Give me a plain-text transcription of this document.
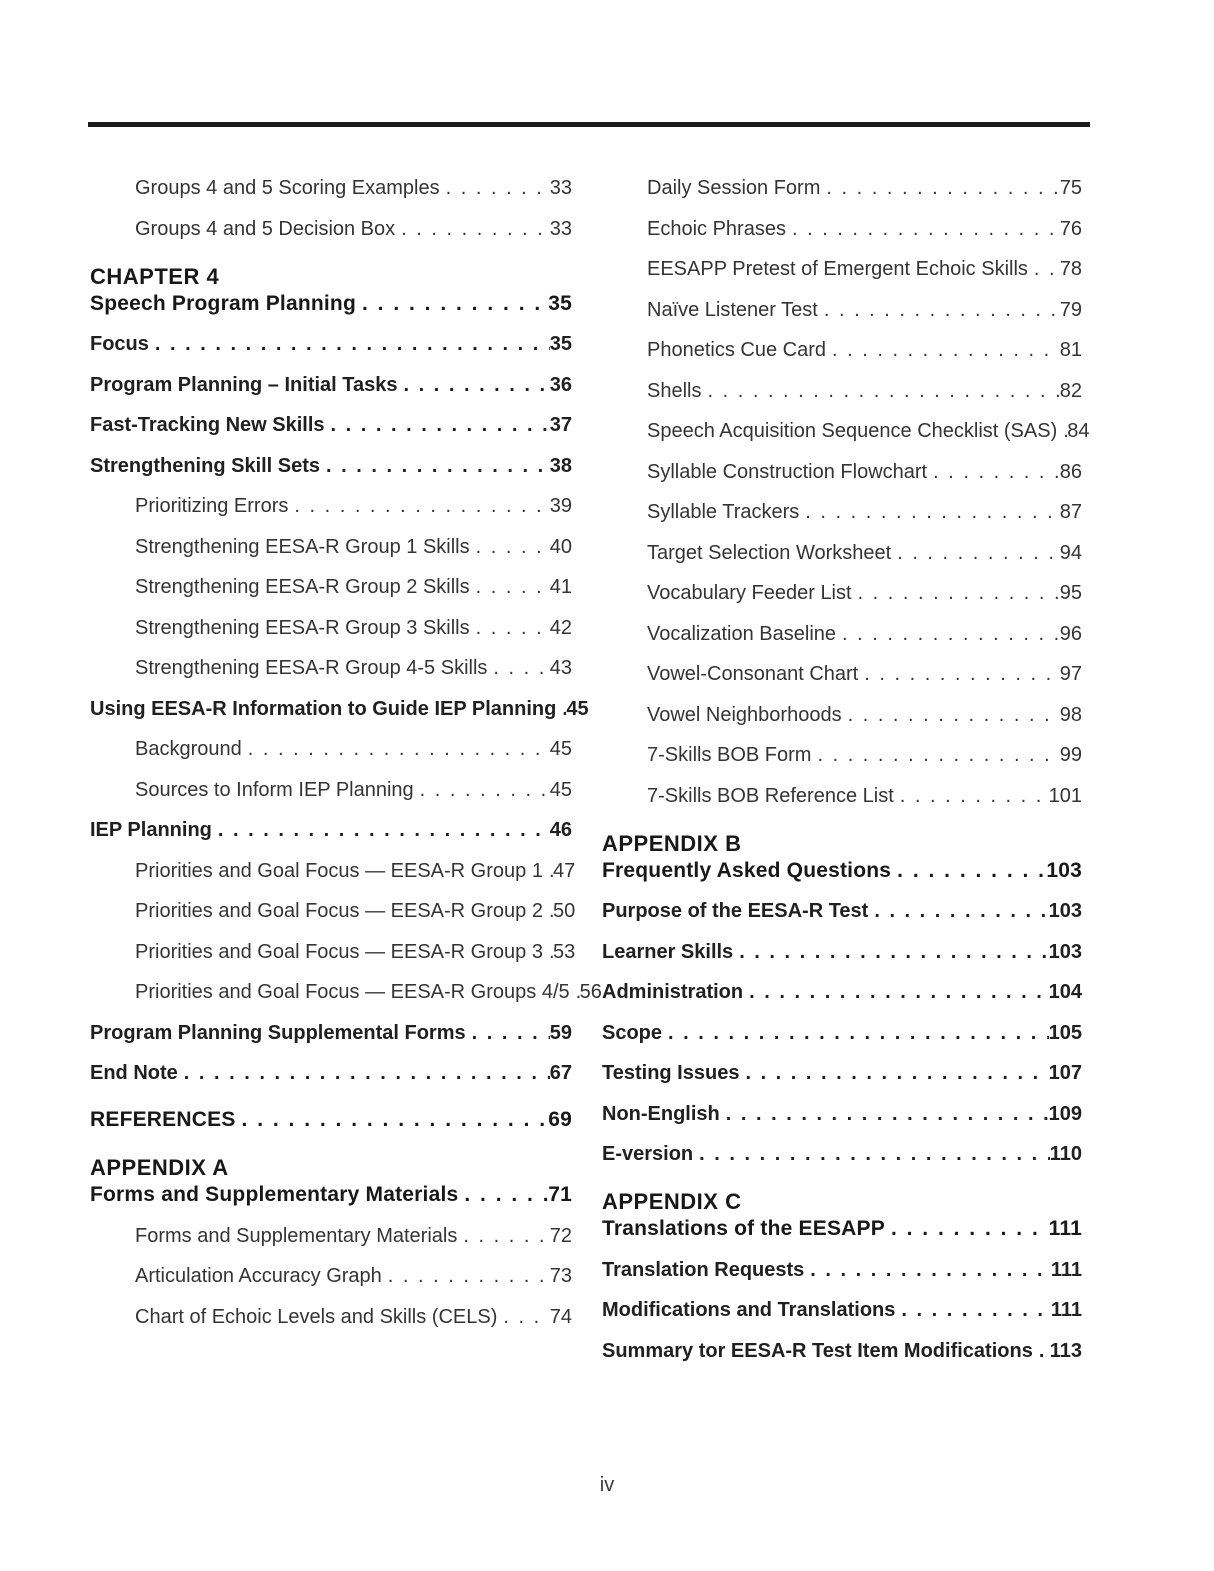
Groups 4 and 5 Scoring Examples . . .	33
Groups 4 and 5 Decision Box . . .	33
CHAPTER 4
Speech Program Planning . . .	35
Focus . . .	35
Program Planning – Initial Tasks . . .	36
Fast-Tracking New Skills . . .	37
Strengthening Skill Sets . . .	38
Prioritizing Errors . . .	39
Strengthening EESA-R Group 1 Skills . . .	40
Strengthening EESA-R Group 2 Skills . . .	41
Strengthening EESA-R Group 3 Skills . . .	42
Strengthening EESA-R Group 4-5 Skills . . .	43
Using EESA-R Information to Guide IEP Planning . . . 45
Background . . .	45
Sources to Inform IEP Planning . . .	45
IEP Planning . . .	46
Priorities and Goal Focus — EESA-R Group 1 . . . 47
Priorities and Goal Focus — EESA-R Group 2 . . . 50
Priorities and Goal Focus — EESA-R Group 3 . . . 53
Priorities and Goal Focus — EESA-R Groups 4/5 . . . 56
Program Planning Supplemental Forms . . .	59
End Note . . .	67
REFERENCES . . .	69
APPENDIX A
Forms and Supplementary Materials . . .	71
Forms and Supplementary Materials . . .	72
Articulation Accuracy Graph . . .	73
Chart of Echoic Levels and Skills (CELS) . . .	74
Daily Session Form . . .	75
Echoic Phrases . . .	76
EESAPP Pretest of Emergent Echoic Skills . . . 78
Naïve Listener Test . . .	79
Phonetics Cue Card . . .	81
Shells . . .	82
Speech Acquisition Sequence Checklist (SAS) . . . 84
Syllable Construction Flowchart . . .	86
Syllable Trackers . . .	87
Target Selection Worksheet . . .	94
Vocabulary Feeder List . . .	95
Vocalization Baseline . . .	96
Vowel-Consonant Chart . . .	97
Vowel Neighborhoods . . .	98
7-Skills BOB Form . . .	99
7-Skills BOB Reference List . . .	101
APPENDIX B
Frequently Asked Questions . . .	103
Purpose of the EESA-R Test . . .	103
Learner Skills . . .	103
Administration . . .	104
Scope . . .	105
Testing Issues . . .	107
Non-English . . .	109
E-version . . .	110
APPENDIX C
Translations of the EESAPP . . .	111
Translation Requests . . .	111
Modifications and Translations . . .	111
Summary tor EESA-R Test Item Modifications . . . 113
iv
